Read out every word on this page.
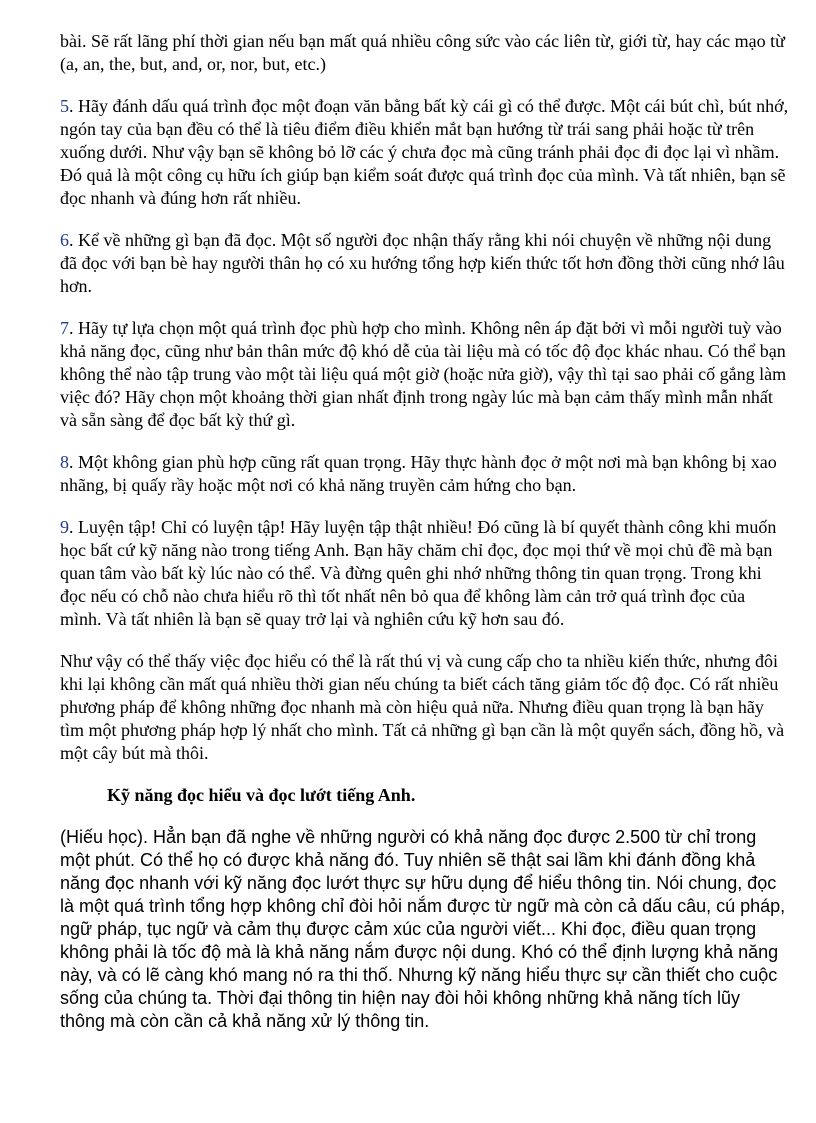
bài. Sẽ rất lãng phí thời gian nếu bạn mất quá nhiều công sức vào các liên từ, giới từ, hay các mạo từ (a, an, the, but, and, or, nor, but, etc.)

5. Hãy đánh dấu quá trình đọc một đoạn văn bằng bất kỳ cái gì có thể được. Một cái bút chì, bút nhớ, ngón tay của bạn đều có thể là tiêu điểm điều khiển mắt bạn hướng từ trái sang phải hoặc từ trên xuống dưới. Như vậy bạn sẽ không bỏ lỡ các ý chưa đọc mà cũng tránh phải đọc đi đọc lại vì nhầm. Đó quả là một công cụ hữu ích giúp bạn kiểm soát được quá trình đọc của mình. Và tất nhiên, bạn sẽ đọc nhanh và đúng hơn rất nhiều.

6. Kể về những gì bạn đã đọc. Một số người đọc nhận thấy rằng khi nói chuyện về những nội dung đã đọc với bạn bè hay người thân họ có xu hướng tổng hợp kiến thức tốt hơn đồng thời cũng nhớ lâu hơn.

7. Hãy tự lựa chọn một quá trình đọc phù hợp cho mình. Không nên áp đặt bởi vì mỗi người tuỳ vào khả năng đọc, cũng như bản thân mức độ khó dễ của tài liệu mà có tốc độ đọc khác nhau. Có thể bạn không thể nào tập trung vào một tài liệu quá một giờ (hoặc nửa giờ), vậy thì tại sao phải cố gắng làm việc đó? Hãy chọn một khoảng thời gian nhất định trong ngày lúc mà bạn cảm thấy mình mẫn nhất và sẵn sàng để đọc bất kỳ thứ gì.

8. Một không gian phù hợp cũng rất quan trọng. Hãy thực hành đọc ở một nơi mà bạn không bị xao nhãng, bị quấy rầy hoặc một nơi có khả năng truyền cảm hứng cho bạn.

9. Luyện tập! Chỉ có luyện tập! Hãy luyện tập thật nhiều! Đó cũng là bí quyết thành công khi muốn học bất cứ kỹ năng nào trong tiếng Anh. Bạn hãy chăm chỉ đọc, đọc mọi thứ về mọi chủ đề mà bạn quan tâm vào bất kỳ lúc nào có thể. Và đừng quên ghi nhớ những thông tin quan trọng. Trong khi đọc nếu có chỗ nào chưa hiểu rõ thì tốt nhất nên bỏ qua để không làm cản trở quá trình đọc của mình. Và tất nhiên là bạn sẽ quay trở lại và nghiên cứu kỹ hơn sau đó.

Như vậy có thể thấy việc đọc hiểu có thể là rất thú vị và cung cấp cho ta nhiều kiến thức, nhưng đôi khi lại không cần mất quá nhiều thời gian nếu chúng ta biết cách tăng giảm tốc độ đọc. Có rất nhiều phương pháp để không những đọc nhanh mà còn hiệu quả nữa. Nhưng điều quan trọng là bạn hãy tìm một phương pháp hợp lý nhất cho mình. Tất cả những gì bạn cần là một quyển sách, đồng hồ, và một cây bút mà thôi.

Kỹ năng đọc hiểu và đọc lướt tiếng Anh.

(Hiếu học). Hẳn bạn đã nghe về những người có khả năng đọc được 2.500 từ chỉ trong một phút. Có thể họ có được khả năng đó. Tuy nhiên sẽ thật sai lầm khi đánh đồng khả năng đọc nhanh với kỹ năng đọc lướt thực sự hữu dụng để hiểu thông tin. Nói chung, đọc là một quá trình tổng hợp không chỉ đòi hỏi nắm được từ ngữ mà còn cả dấu câu, cú pháp, ngữ pháp, tục ngữ và cảm thụ được cảm xúc của người viết... Khi đọc, điều quan trọng không phải là tốc độ mà là khả năng nắm được nội dung. Khó có thể định lượng khả năng này, và có lẽ càng khó mang nó ra thi thố. Nhưng kỹ năng hiểu thực sự cần thiết cho cuộc sống của chúng ta. Thời đại thông tin hiện nay đòi hỏi không những khả năng tích lũy thông mà còn cần cả khả năng xử lý thông tin.
